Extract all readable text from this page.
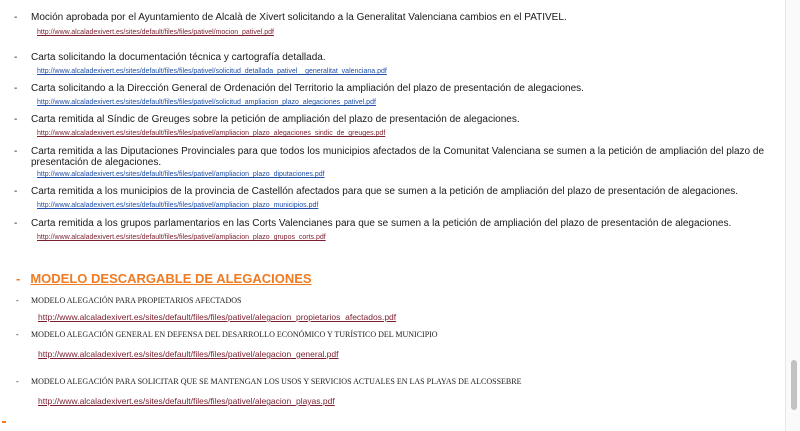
-	Moción aprobada por el Ayuntamiento de Alcalà de Xivert solicitando a la Generalitat Valenciana cambios en el PATIVEL.
http://www.alcaladexivert.es/sites/default/files/files/pativel/mocion_pativel.pdf
-	Carta solicitando la documentación técnica y cartografía detallada.
http://www.alcaladexivert.es/sites/default/files/files/pativel/solicitud_detallada_pativel__generalitat_valenciana.pdf
-	Carta solicitando a la Dirección General de Ordenación del Territorio la ampliación del plazo de presentación de alegaciones.
http://www.alcaladexivert.es/sites/default/files/files/pativel/solicitud_ampliacion_plazo_alegaciones_pativel.pdf
-	Carta remitida al Síndic de Greuges sobre la petición de ampliación del plazo de presentación de alegaciones.
http://www.alcaladexivert.es/sites/default/files/files/pativel/ampliacion_plazo_alegaciones_sindic_de_greuges.pdf
-	Carta remitida a las Diputaciones Provinciales para que todos los municipios afectados de la Comunitat Valenciana se sumen a la petición de ampliación del plazo de presentación de alegaciones.
http://www.alcaladexivert.es/sites/default/files/files/pativel/ampliacion_plazo_diputaciones.pdf
-	Carta remitida a los municipios de la provincia de Castellón afectados para que se sumen a la petición de ampliación del plazo de presentación de alegaciones.
http://www.alcaladexivert.es/sites/default/files/files/pativel/ampliacion_plazo_municipios.pdf
-	Carta remitida a los grupos parlamentarios en las Corts Valencianes para que se sumen a la petición de ampliación del plazo de presentación de alegaciones.
http://www.alcaladexivert.es/sites/default/files/files/pativel/ampliacion_plazo_grupos_corts.pdf
- MODELO DESCARGABLE DE ALEGACIONES
- MODELO ALEGACIÓN PARA PROPIETARIOS AFECTADOS
http://www.alcaladexivert.es/sites/default/files/files/pativel/alegacion_propietarios_afectados.pdf
- MODELO ALEGACIÓN GENERAL EN DEFENSA DEL DESARROLLO ECONÓMICO Y TURÍSTICO DEL MUNICIPIO
http://www.alcaladexivert.es/sites/default/files/files/pativel/alegacion_general.pdf
- MODELO ALEGACIÓN PARA SOLICITAR QUE SE MANTENGAN LOS USOS Y SERVICIOS ACTUALES EN LAS PLAYAS DE ALCOSSEBRE
http://www.alcaladexivert.es/sites/default/files/files/pativel/alegacion_playas.pdf
